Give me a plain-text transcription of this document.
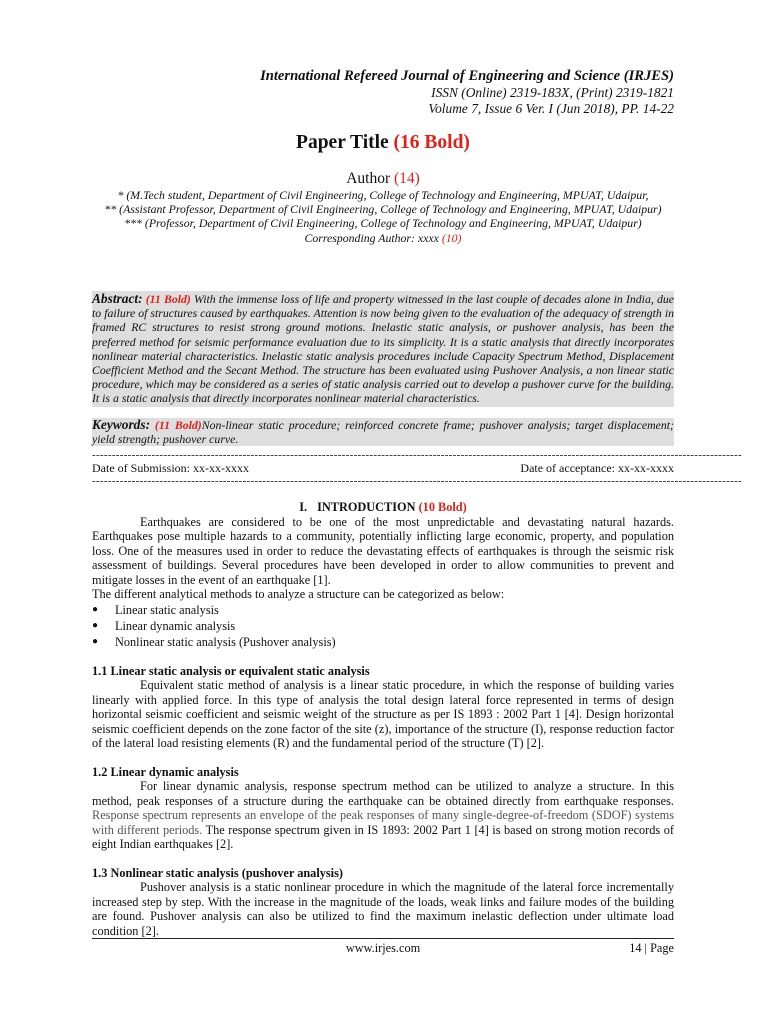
International Refereed Journal of Engineering and Science (IRJES)
ISSN (Online) 2319-183X, (Print) 2319-1821
Volume 7, Issue 6 Ver. I (Jun 2018), PP. 14-22
Paper Title (16 Bold)
Author (14)
* (M.Tech student, Department of Civil Engineering, College of Technology and Engineering, MPUAT, Udaipur,
** (Assistant Professor, Department of Civil Engineering, College of Technology and Engineering, MPUAT, Udaipur)
*** (Professor, Department of Civil Engineering, College of Technology and Engineering, MPUAT, Udaipur)
Corresponding Author: xxxx (10)
Abstract: (11 Bold) With the immense loss of life and property witnessed in the last couple of decades alone in India, due to failure of structures caused by earthquakes. Attention is now being given to the evaluation of the adequacy of strength in framed RC structures to resist strong ground motions. Inelastic static analysis, or pushover analysis, has been the preferred method for seismic performance evaluation due to its simplicity. It is a static analysis that directly incorporates nonlinear material characteristics. Inelastic static analysis procedures include Capacity Spectrum Method, Displacement Coefficient Method and the Secant Method. The structure has been evaluated using Pushover Analysis, a non linear static procedure, which may be considered as a series of static analysis carried out to develop a pushover curve for the building. It is a static analysis that directly incorporates nonlinear material characteristics.
Keywords: (11 Bold)Non-linear static procedure; reinforced concrete frame; pushover analysis; target displacement; yield strength; pushover curve.
--------------------------------------------------------------------------------------------------------------------------------------------------------------------
Date of Submission: xx-xx-xxxx	Date of acceptance: xx-xx-xxxx
--------------------------------------------------------------------------------------------------------------------------------------------------------------------
I. INTRODUCTION (10 Bold)

Earthquakes are considered to be one of the most unpredictable and devastating natural hazards. Earthquakes pose multiple hazards to a community, potentially inflicting large economic, property, and population loss. One of the measures used in order to reduce the devastating effects of earthquakes is through the seismic risk assessment of buildings. Several procedures have been developed in order to allow communities to prevent and mitigate losses in the event of an earthquake [1].

The different analytical methods to analyze a structure can be categorized as below:

● Linear static analysis
● Linear dynamic analysis
● Nonlinear static analysis (Pushover analysis)
1.1 Linear static analysis or equivalent static analysis

Equivalent static method of analysis is a linear static procedure, in which the response of building varies linearly with applied force. In this type of analysis the total design lateral force represented in terms of design horizontal seismic coefficient and seismic weight of the structure as per IS 1893 : 2002 Part 1 [4]. Design horizontal seismic coefficient depends on the zone factor of the site (z), importance of the structure (I), response reduction factor of the lateral load resisting elements (R) and the fundamental period of the structure (T) [2].

1.2 Linear dynamic analysis

For linear dynamic analysis, response spectrum method can be utilized to analyze a structure. In this method, peak responses of a structure during the earthquake can be obtained directly from earthquake responses. Response spectrum represents an envelope of the peak responses of many single-degree-of-freedom (SDOF) systems with different periods. The response spectrum given in IS 1893: 2002 Part 1 [4] is based on strong motion records of eight Indian earthquakes [2].

1.3 Nonlinear static analysis (pushover analysis)

Pushover analysis is a static nonlinear procedure in which the magnitude of the lateral force incrementally increased step by step. With the increase in the magnitude of the loads, weak links and failure modes of the building are found. Pushover analysis can also be utilized to find the maximum inelastic deflection under ultimate load condition [2].

www.irjes.com	14 | Page
